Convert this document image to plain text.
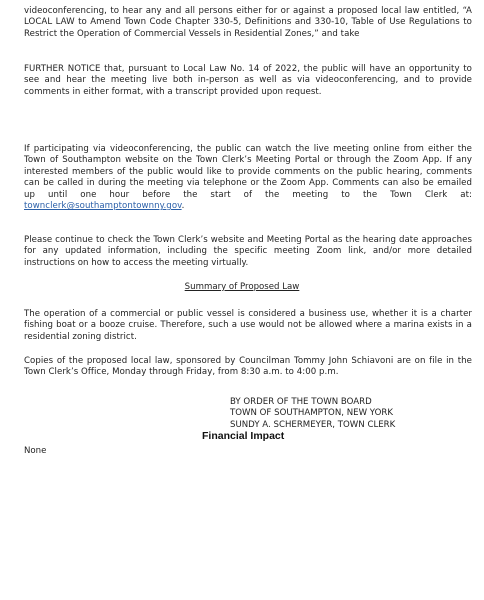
videoconferencing, to hear any and all persons either for or against a proposed local law entitled, “A LOCAL LAW to Amend Town Code Chapter 330-5, Definitions and 330-10, Table of Use Regulations to Restrict the Operation of Commercial Vessels in Residential Zones,” and take

FURTHER NOTICE that, pursuant to Local Law No. 14 of 2022, the public will have an opportunity to see and hear the meeting live both in-person as well as via videoconferencing, and to provide comments in either format, with a transcript provided upon request.

If participating via videoconferencing, the public can watch the live meeting online from either the Town of Southampton website on the Town Clerk’s Meeting Portal or through the Zoom App. If any interested members of the public would like to provide comments on the public hearing, comments can be called in during the meeting via telephone or the Zoom App. Comments can also be emailed up until one hour before the start of the meeting to the Town Clerk at: townclerk@southamptontownny.gov.

Please continue to check the Town Clerk’s website and Meeting Portal as the hearing date approaches for any updated information, including the specific meeting Zoom link, and/or more detailed instructions on how to access the meeting virtually.

Summary of Proposed Law

The operation of a commercial or public vessel is considered a business use, whether it is a charter fishing boat or a booze cruise. Therefore, such a use would not be allowed where a marina exists in a residential zoning district.

Copies of the proposed local law, sponsored by Councilman Tommy John Schiavoni are on file in the Town Clerk’s Office, Monday through Friday, from 8:30 a.m. to 4:00 p.m.

BY ORDER OF THE TOWN BOARD
TOWN OF SOUTHAMPTON, NEW YORK
SUNDY A. SCHERMEYER, TOWN CLERK
Financial Impact
None
